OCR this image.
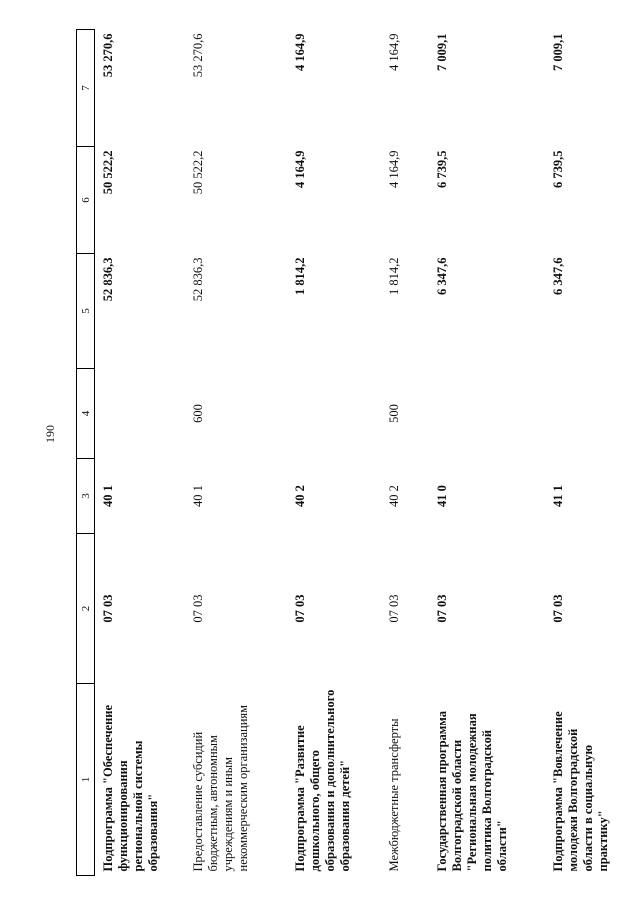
190
1	2	3	4	5	6	7
Подпрограмма "Обеспечение функционирования региональной системы образования"	07 03	40 1		52 836,3	50 522,2	53 270,6
Предоставление субсидий бюджетным, автономным учреждениям и иным некоммерческим организациям	07 03	40 1	600	52 836,3	50 522,2	53 270,6
Подпрограмма "Развитие дошкольного, общего образования и дополнительного образования детей"	07 03	40 2		1 814,2	4 164,9	4 164,9
Межбюджетные трансферты	07 03	40 2	500	1 814,2	4 164,9	4 164,9
Государственная программа Волгоградской области "Региональная молодежная политика Волгоградской области"	07 03	41 0		6 347,6	6 739,5	7 009,1
Подпрограмма "Вовлечение молодежи Волгоградской области в социальную практику"	07 03	41 1		6 347,6	6 739,5	7 009,1
